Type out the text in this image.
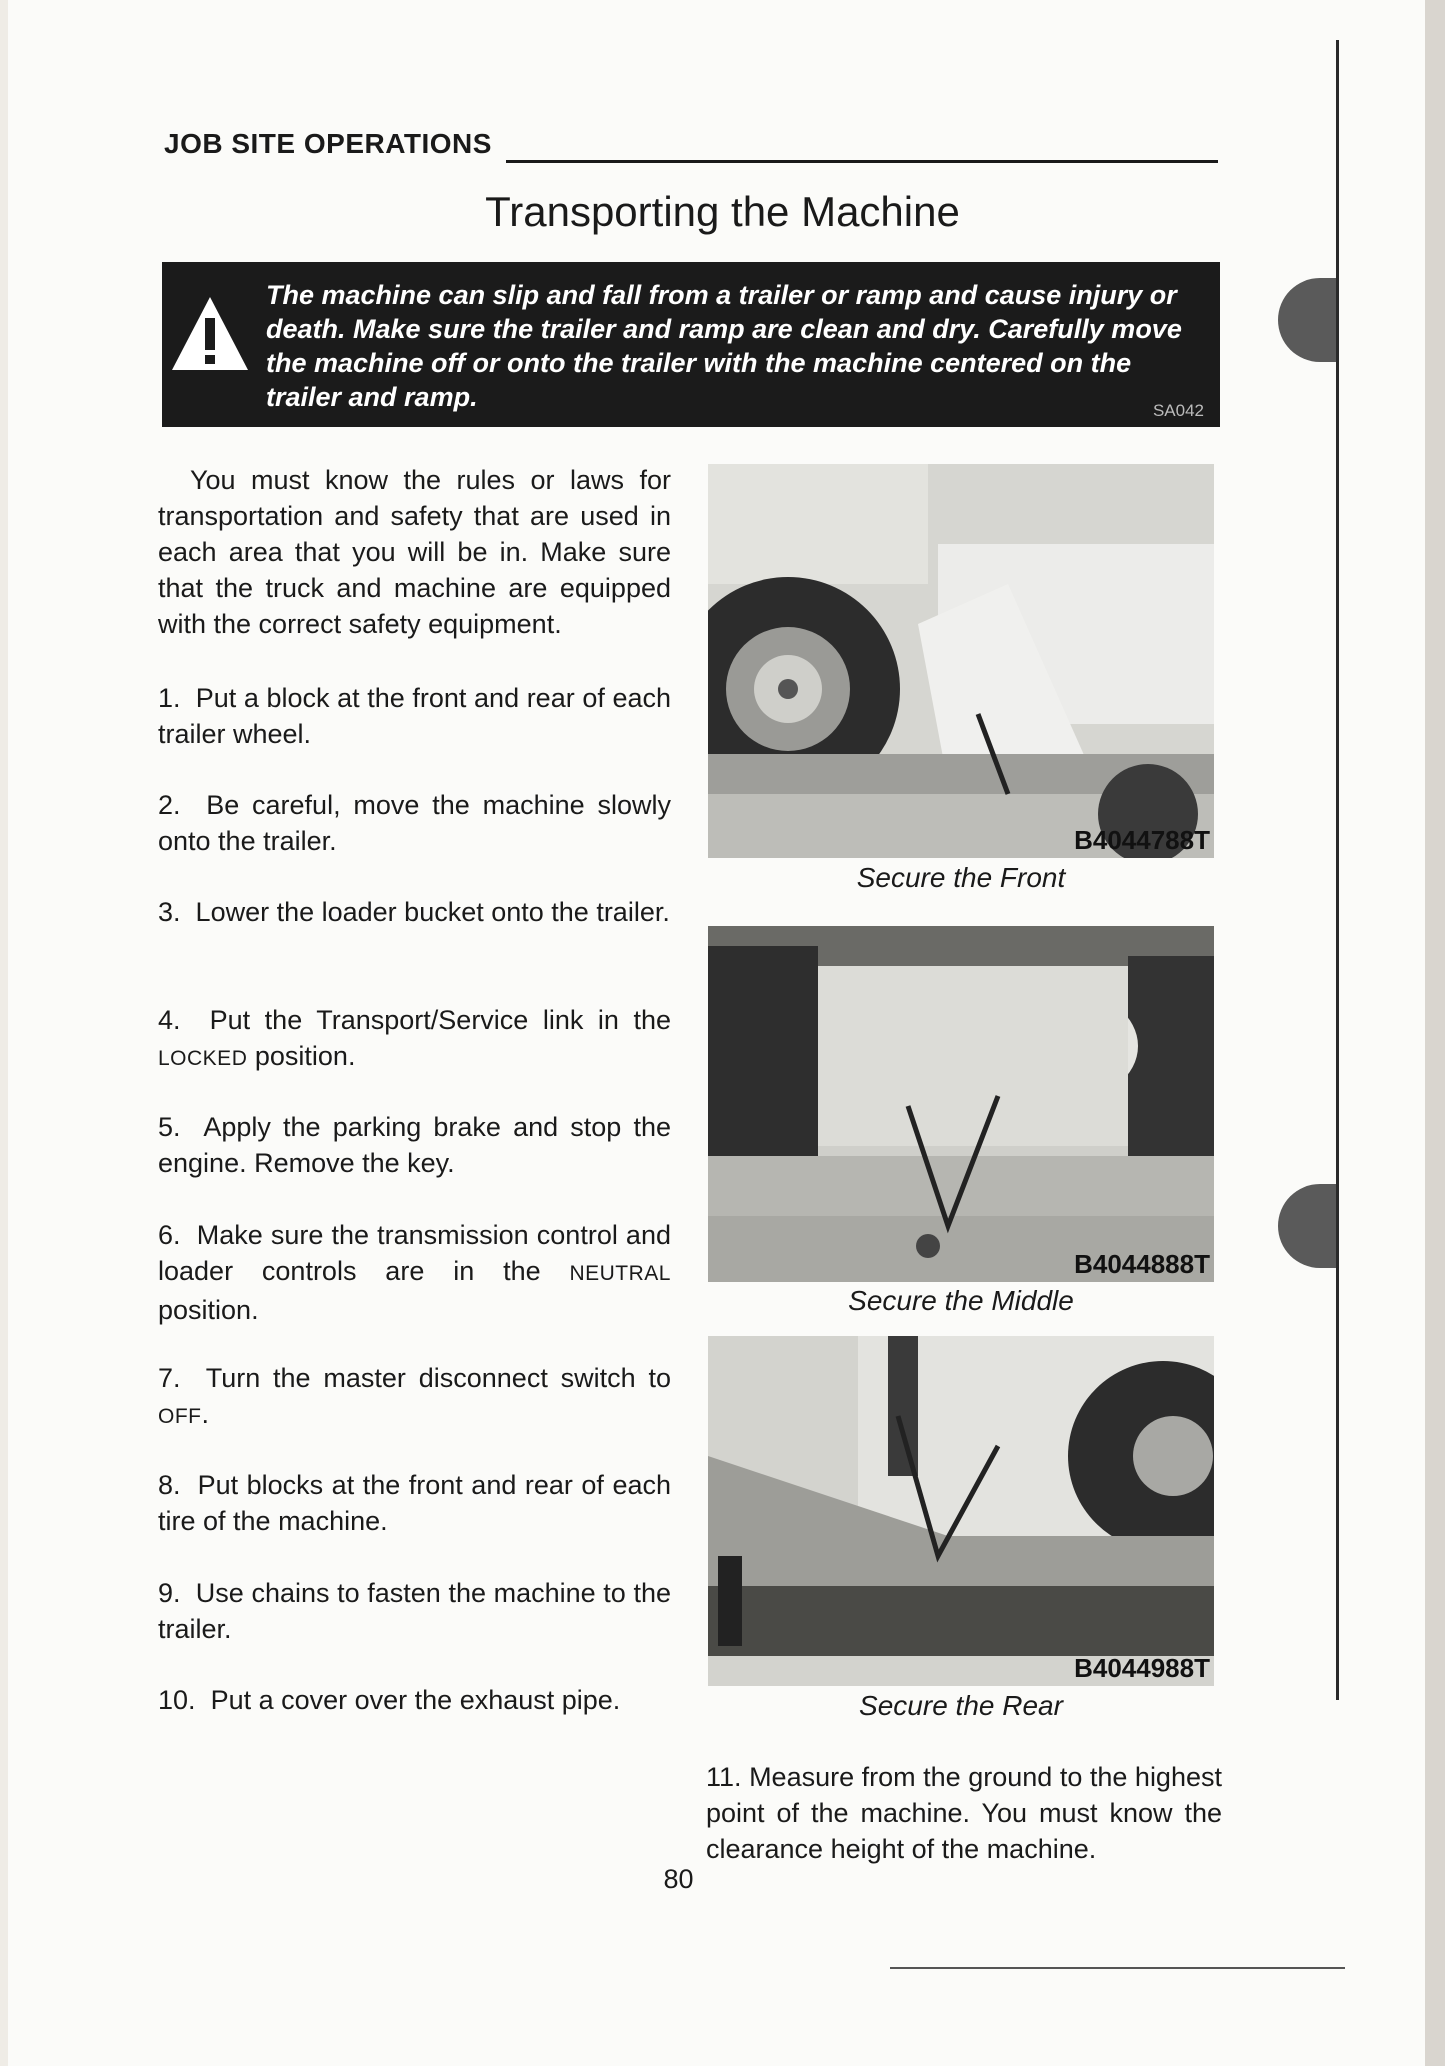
JOB SITE OPERATIONS
Transporting the Machine
The machine can slip and fall from a trailer or ramp and cause injury or death. Make sure the trailer and ramp are clean and dry. Carefully move the machine off or onto the trailer with the machine centered on the trailer and ramp.	SA042

You must know the rules or laws for transportation and safety that are used in each area that you will be in. Make sure that the truck and machine are equipped with the correct safety equipment.

1. Put a block at the front and rear of each trailer wheel.

2. Be careful, move the machine slowly onto the trailer.

3. Lower the loader bucket onto the trailer.

4. Put the Transport/Service link in the LOCKED position.

5. Apply the parking brake and stop the engine. Remove the key.

6. Make sure the transmission control and loader controls are in the NEUTRAL position.

7. Turn the master disconnect switch to OFF.

8. Put blocks at the front and rear of each tire of the machine.

9. Use chains to fasten the machine to the trailer.

10. Put a cover over the exhaust pipe.

B4044788T
Secure the Front
B4044888T
Secure the Middle
B4044988T
Secure the Rear

11. Measure from the ground to the highest point of the machine. You must know the clearance height of the machine.

80
